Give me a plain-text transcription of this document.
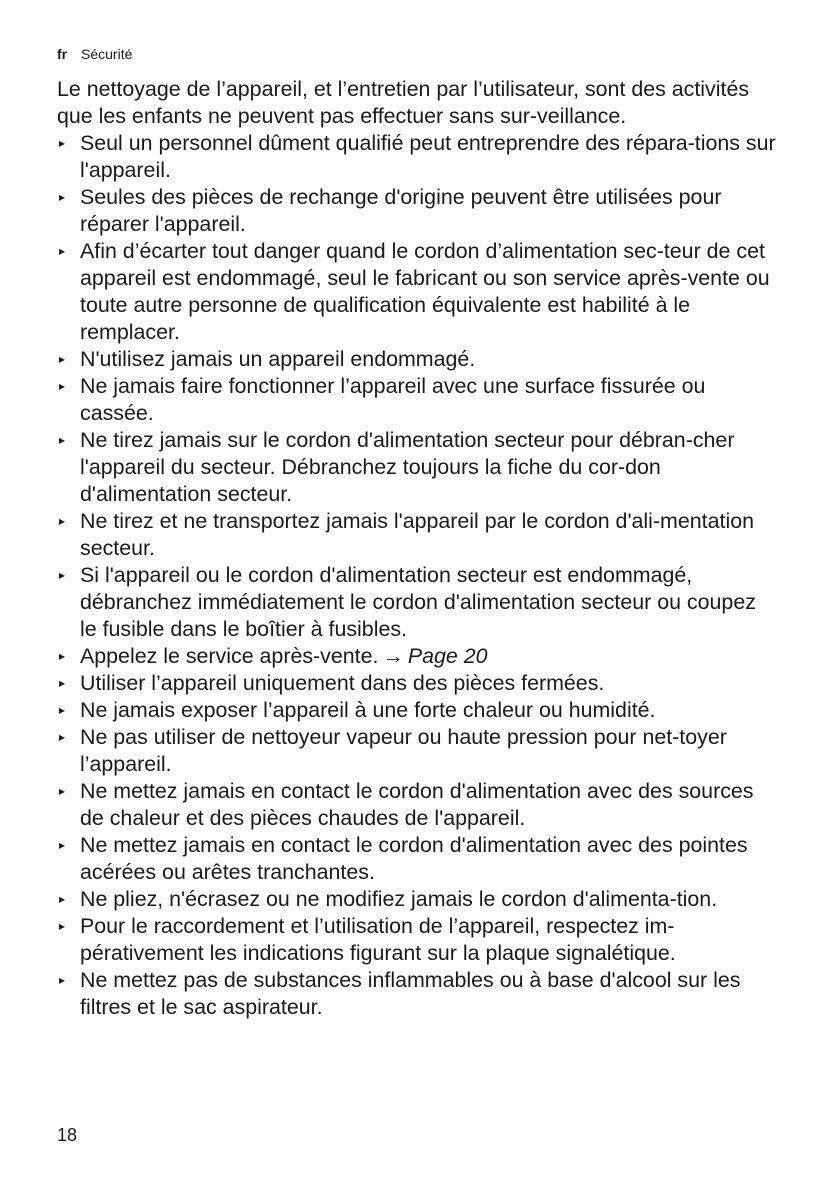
fr Sécurité

Le nettoyage de l’appareil, et l’entretien par l’utilisateur, sont des activités que les enfants ne peuvent pas effectuer sans sur-veillance.

▸ Seul un personnel dûment qualifié peut entreprendre des répara-tions sur l'appareil.
▸ Seules des pièces de rechange d'origine peuvent être utilisées pour réparer l'appareil.
▸ Afin d’écarter tout danger quand le cordon d’alimentation sec-teur de cet appareil est endommagé, seul le fabricant ou son service après-vente ou toute autre personne de qualification équivalente est habilité à le remplacer.
▸ N'utilisez jamais un appareil endommagé.
▸ Ne jamais faire fonctionner l’appareil avec une surface fissurée ou cassée.
▸ Ne tirez jamais sur le cordon d'alimentation secteur pour débran-cher l'appareil du secteur. Débranchez toujours la fiche du cor-don d'alimentation secteur.
▸ Ne tirez et ne transportez jamais l'appareil par le cordon d'ali-mentation secteur.
▸ Si l'appareil ou le cordon d'alimentation secteur est endommagé, débranchez immédiatement le cordon d'alimentation secteur ou coupez le fusible dans le boîtier à fusibles.
▸ Appelez le service après-vente. → Page 20
▸ Utiliser l’appareil uniquement dans des pièces fermées.
▸ Ne jamais exposer l’appareil à une forte chaleur ou humidité.
▸ Ne pas utiliser de nettoyeur vapeur ou haute pression pour net-toyer l’appareil.
▸ Ne mettez jamais en contact le cordon d'alimentation avec des sources de chaleur et des pièces chaudes de l'appareil.
▸ Ne mettez jamais en contact le cordon d'alimentation avec des pointes acérées ou arêtes tranchantes.
▸ Ne pliez, n'écrasez ou ne modifiez jamais le cordon d'alimenta-tion.
▸ Pour le raccordement et l’utilisation de l’appareil, respectez im-pérativement les indications figurant sur la plaque signalétique.
▸ Ne mettez pas de substances inflammables ou à base d'alcool sur les filtres et le sac aspirateur.
18
